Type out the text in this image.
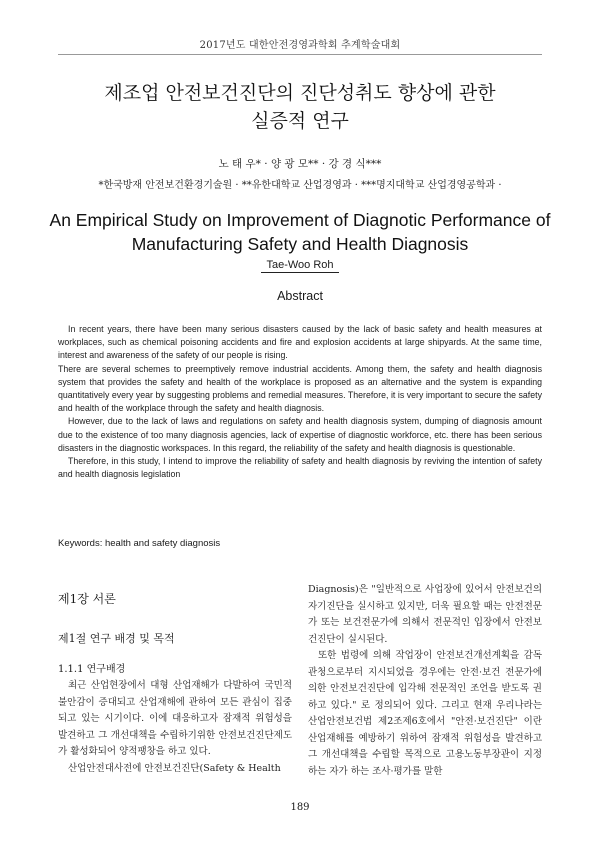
2017년도 대한안전경영과학회 추계학술대회
제조업 안전보건진단의 진단성취도 향상에 관한
실증적 연구
노 태 우* · 양 광 모** · 강 경 식***
*한국방재 안전보건환경기술원 · **유한대학교 산업경영과 · ***명지대학교 산업경영공학과 ·
An Empirical Study on Improvement of Diagnotic Performance of
Manufacturing Safety and Health Diagnosis
Tae-Woo Roh
Abstract

In recent years, there have been many serious disasters caused by the lack of basic safety and health measures at workplaces, such as chemical poisoning accidents and fire and explosion accidents at large shipyards. At the same time, interest and awareness of the safety of our people is rising.

There are several schemes to preemptively remove industrial accidents. Among them, the safety and health diagnosis system that provides the safety and health of the workplace is proposed as an alternative and the system is expanding quantitatively every year by suggesting problems and remedial measures. Therefore, it is very important to secure the safety and health of the workplace through the safety and health diagnosis.

However, due to the lack of laws and regulations on safety and health diagnosis system, dumping of diagnosis amount due to the existence of too many diagnosis agencies, lack of expertise of diagnostic workforce, etc. there has been serious disasters in the diagnostic workspaces. In this regard, the reliability of the safety and health diagnosis is questionable.

Therefore, in this study, I intend to improve the reliability of safety and health diagnosis by reviving the intention of safety and health diagnosis legislation

Keywords: health and safety diagnosis
제1장 서론
제1절 연구 배경 및 목적
1.1.1 연구배경

최근 산업현장에서 대형 산업재해가 다발하여 국민적 불안감이 증대되고 산업재해에 관하여 모든 관심이 집중되고 있는 시기이다. 이에 대응하고자 잠재적 위험성을 발견하고 그 개선대책을 수립하기위한 안전보건진단제도가 활성화되어 양적팽창을 하고 있다.

산업안전대사전에 안전보건진단(Safety & Health

Diagnosis)은 "일반적으로 사업장에 있어서 안전보건의 자기진단을 실시하고 있지만, 더욱 필요할 때는 안전전문가 또는 보건전문가에 의해서 전문적인 입장에서 안전보건진단이 실시된다.

또한 법령에 의해 작업장이 안전보건개선계획을 감독관청으로부터 지시되었을 경우에는 안전·보건 전문가에 의한 안전보건진단에 입각해 전문적인 조언을 받도록 권하고 있다." 로 정의되어 있다. 그리고 현재 우리나라는 산업안전보건법 제2조제6호에서 "안전·보건진단" 이란 산업재해를 예방하기 위하여 잠재적 위험성을 발견하고 그 개선대책을 수립할 목적으로 고용노동부장관이 지정하는 자가 하는 조사·평가를 말한

189
